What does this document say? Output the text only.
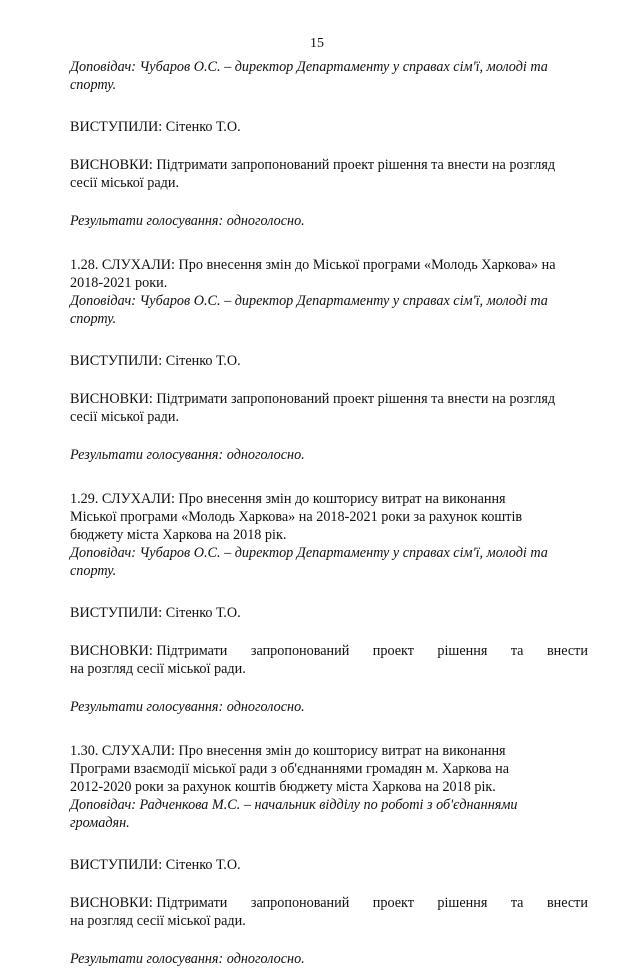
15

Доповідач: Чубаров О.С. – директор Департаменту у справах сім'ї, молоді та

спорту.

ВИСТУПИЛИ: Сітенко Т.О.

ВИСНОВКИ: Підтримати запропонований проект рішення та внести на розгляд

сесії міської ради.

Результати голосування: одноголосно.

1.28. СЛУХАЛИ: Про внесення змін до Міської програми «Молодь Харкова» на

2018-2021 роки.

Доповідач: Чубаров О.С. – директор Департаменту у справах сім'ї, молоді та

спорту.

ВИСТУПИЛИ: Сітенко Т.О.

ВИСНОВКИ: Підтримати запропонований проект рішення та внести на розгляд

сесії міської ради.

Результати голосування: одноголосно.

1.29. СЛУХАЛИ: Про внесення змін до кошторису витрат на виконання

Міської програми «Молодь Харкова» на 2018-2021 роки за рахунок коштів

бюджету міста Харкова на 2018 рік.

Доповідач: Чубаров О.С. – директор Департаменту у справах сім'ї, молоді та

спорту.

ВИСТУПИЛИ: Сітенко Т.О.

ВИСНОВКИ: Підтримати запропонований проект рішення та внести

на розгляд сесії міської ради.

Результати голосування: одноголосно.

1.30. СЛУХАЛИ: Про внесення змін до кошторису витрат на виконання

Програми взаємодії міської ради з об'єднаннями громадян м. Харкова на

2012-2020 роки за рахунок коштів бюджету міста Харкова на 2018 рік.

Доповідач: Радченкова М.С. – начальник відділу по роботі з об'єднаннями

громадян.

ВИСТУПИЛИ: Сітенко Т.О.

ВИСНОВКИ: Підтримати запропонований проект рішення та внести

на розгляд сесії міської ради.

Результати голосування: одноголосно.
